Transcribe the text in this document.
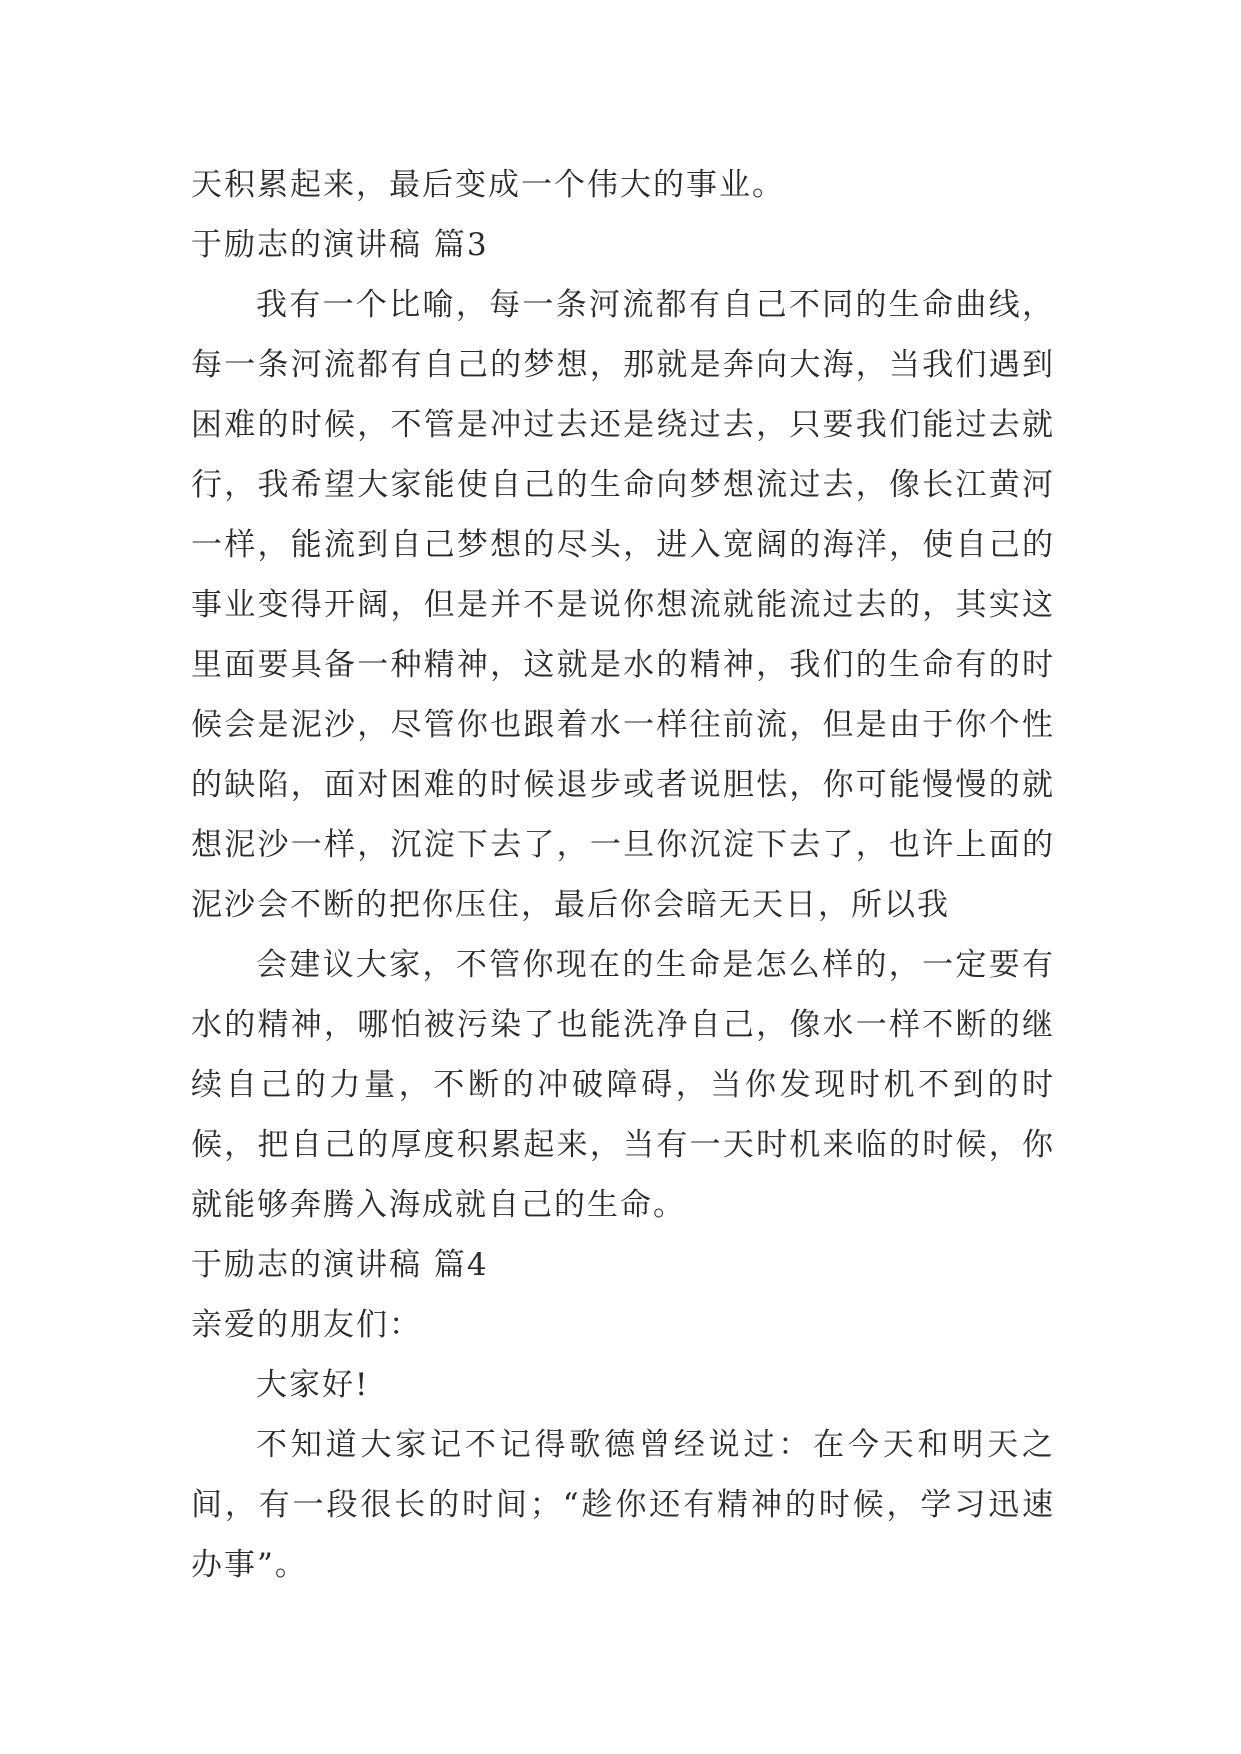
天积累起来，最后变成一个伟大的事业。

于励志的演讲稿 篇3

我有一个比喻，每一条河流都有自己不同的生命曲线，每一条河流都有自己的梦想，那就是奔向大海，当我们遇到困难的时候，不管是冲过去还是绕过去，只要我们能过去就行，我希望大家能使自己的生命向梦想流过去，像长江黄河一样，能流到自己梦想的尽头，进入宽阔的海洋，使自己的事业变得开阔，但是并不是说你想流就能流过去的，其实这里面要具备一种精神，这就是水的精神，我们的生命有的时候会是泥沙，尽管你也跟着水一样往前流，但是由于你个性的缺陷，面对困难的时候退步或者说胆怯，你可能慢慢的就想泥沙一样，沉淀下去了，一旦你沉淀下去了，也许上面的泥沙会不断的把你压住，最后你会暗无天日，所以我

会建议大家，不管你现在的生命是怎么样的，一定要有水的精神，哪怕被污染了也能洗净自己，像水一样不断的继续自己的力量，不断的冲破障碍，当你发现时机不到的时候，把自己的厚度积累起来，当有一天时机来临的时候，你就能够奔腾入海成就自己的生命。

于励志的演讲稿 篇4

亲爱的朋友们：

大家好!

不知道大家记不记得歌德曾经说过：在今天和明天之间，有一段很长的时间；“趁你还有精神的时候，学习迅速办事”。
